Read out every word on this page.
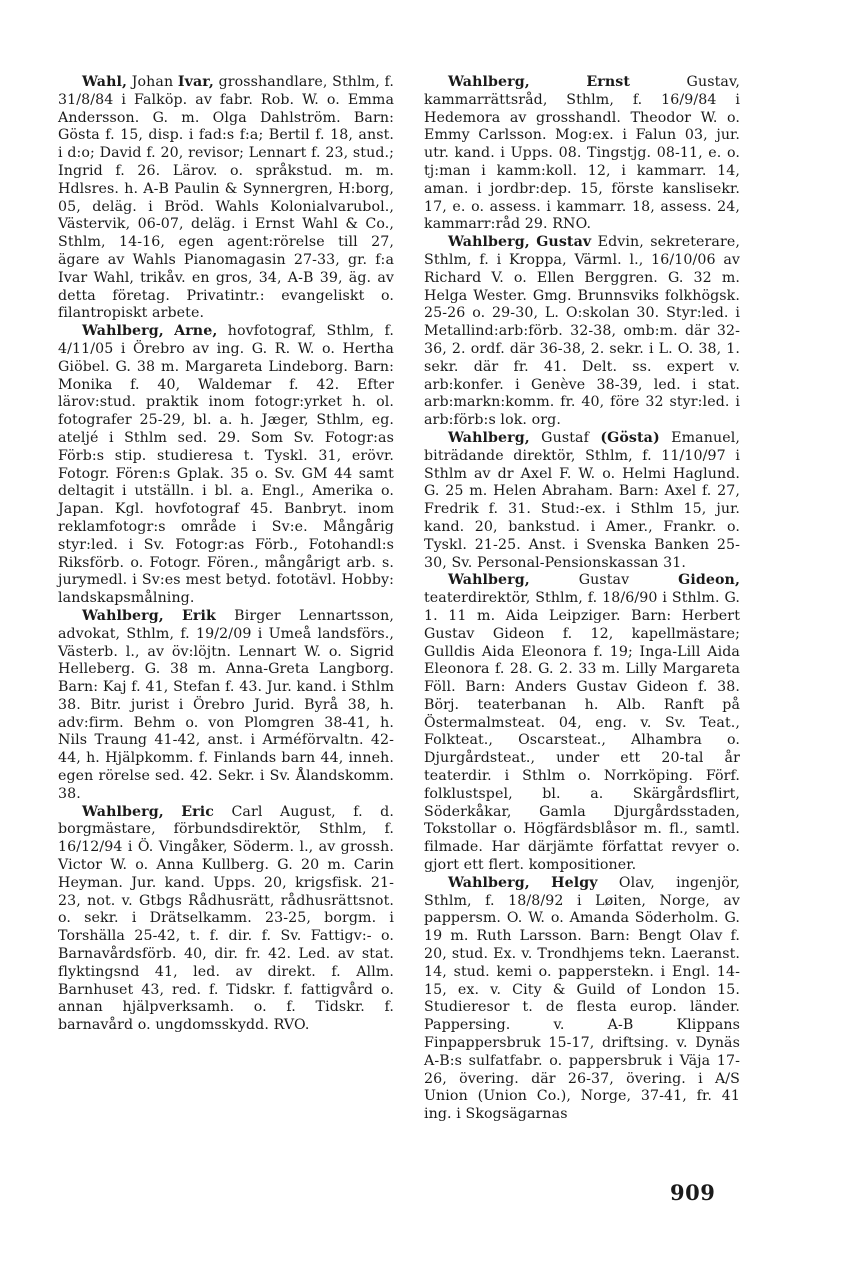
Wahl, Johan Ivar, grosshandlare, Sthlm, f. 31/8/84 i Falköp. av fabr. Rob. W. o. Emma Andersson. G. m. Olga Dahlström. Barn: Gösta f. 15, disp. i fad:s f:a; Bertil f. 18, anst. i d:o; David f. 20, revisor; Lennart f. 23, stud.; Ingrid f. 26. Lärov. o. språkstud. m. m. Hdlsres. h. A-B Paulin & Synnergren, H:borg, 05, deläg. i Bröd. Wahls Kolonialvarubol., Västervik, 06-07, deläg. i Ernst Wahl & Co., Sthlm, 14-16, egen agent:rörelse till 27, ägare av Wahls Pianomagasin 27-33, gr. f:a Ivar Wahl, trikåv. en gros, 34, A-B 39, äg. av detta företag. Privatintr.: evangeliskt o. filantropiskt arbete.

Wahlberg, Arne, hovfotograf, Sthlm, f. 4/11/05 i Örebro av ing. G. R. W. o. Hertha Giöbel. G. 38 m. Margareta Lindeborg. Barn: Monika f. 40, Waldemar f. 42. Efter lärov:stud. praktik inom fotogr:yrket h. ol. fotografer 25-29, bl. a. h. Jæger, Sthlm, eg. ateljé i Sthlm sed. 29. Som Sv. Fotogr:as Förb:s stip. studieresa t. Tyskl. 31, erövr. Fotogr. Fören:s Gplak. 35 o. Sv. GM 44 samt deltagit i utställn. i bl. a. Engl., Amerika o. Japan. Kgl. hovfotograf 45. Banbryt. inom reklamfotogr:s område i Sv:e. Mångårig styr:led. i Sv. Fotogr:as Förb., Fotohandl:s Riksförb. o. Fotogr. Fören., mångårigt arb. s. jurymedl. i Sv:es mest betyd. fototävl. Hobby: landskapsmålning.

Wahlberg, Erik Birger Lennartsson, advokat, Sthlm, f. 19/2/09 i Umeå landsförs., Västerb. l., av öv:löjtn. Lennart W. o. Sigrid Helleberg. G. 38 m. Anna-Greta Langborg. Barn: Kaj f. 41, Stefan f. 43. Jur. kand. i Sthlm 38. Bitr. jurist i Örebro Jurid. Byrå 38, h. adv:firm. Behm o. von Plomgren 38-41, h. Nils Traung 41-42, anst. i Arméförvaltn. 42-44, h. Hjälpkomm. f. Finlands barn 44, inneh. egen rörelse sed. 42. Sekr. i Sv. Ålandskomm. 38.

Wahlberg, Eric Carl August, f. d. borgmästare, förbundsdirektör, Sthlm, f. 16/12/94 i Ö. Vingåker, Söderm. l., av grossh. Victor W. o. Anna Kullberg. G. 20 m. Carin Heyman. Jur. kand. Upps. 20, krigsfisk. 21-23, not. v. Gtbgs Rådhusrätt, rådhusrättsnot. o. sekr. i Drätselkamm. 23-25, borgm. i Torshälla 25-42, t. f. dir. f. Sv. Fattigv:- o. Barnavårdsförb. 40, dir. fr. 42. Led. av stat. flyktingsnd 41, led. av direkt. f. Allm. Barnhuset 43, red. f. Tidskr. f. fattigvård o. annan hjälpverksamh. o. f. Tidskr. f. barnavård o. ungdomsskydd. RVO.

Wahlberg,	Ernst	Gustav, kammarrättsråd, Sthlm, f. 16/9/84 i Hedemora av grosshandl. Theodor W. o. Emmy Carlsson. Mog:ex. i Falun 03, jur. utr. kand. i Upps. 08. Tingstjg. 08-11, e. o. tj:man i kamm:koll. 12, i kammarr. 14, aman. i jordbr:dep. 15, förste kanslisekr. 17, e. o. assess. i kammarr. 18, assess. 24, kammarr:råd 29. RNO.

Wahlberg, Gustav Edvin, sekreterare, Sthlm, f. i Kroppa, Värml. l., 16/10/06 av Richard V. o. Ellen Berggren. G. 32 m. Helga Wester. Gmg. Brunnsviks folkhögsk. 25-26 o. 29-30, L. O:skolan 30. Styr:led. i Metallind:arb:förb. 32-38, omb:m. där 32-36, 2. ordf. där 36-38, 2. sekr. i L. O. 38, 1. sekr. där fr. 41. Delt. ss. expert v. arb:konfer. i Genève 38-39, led. i stat. arb:markn:komm. fr. 40, före 32 styr:led. i arb:förb:s lok. org.

Wahlberg, Gustaf (Gösta) Emanuel, biträdande direktör, Sthlm, f. 11/10/97 i Sthlm av dr Axel F. W. o. Helmi Haglund. G. 25 m. Helen Abraham. Barn: Axel f. 27, Fredrik f. 31. Stud:-ex. i Sthlm 15, jur. kand. 20, bankstud. i Amer., Frankr. o. Tyskl. 21-25. Anst. i Svenska Banken 25-30, Sv. Personal-Pensionskassan 31.

Wahlberg,	Gustav	Gideon, teaterdirektör, Sthlm, f. 18/6/90 i Sthlm. G. 1. 11 m. Aida Leipziger. Barn: Herbert Gustav Gideon f. 12, kapellmästare; Gulldis Aida Eleonora f. 19; Inga-Lill Aida Eleonora f. 28. G. 2. 33 m. Lilly Margareta Föll. Barn: Anders Gustav Gideon f. 38. Börj. teaterbanan h. Alb. Ranft på Östermalmsteat. 04, eng. v. Sv. Teat., Folkteat., Oscarsteat., Alhambra o. Djurgårdsteat., under ett 20-tal år teaterdir. i Sthlm o. Norrköping. Förf. folklustspel, bl. a. Skärgårdsflirt, Söderkåkar, Gamla Djurgårdsstaden, Tokstollar o. Högfärdsblåsor m. fl., samtl. filmade. Har därjämte författat revyer o. gjort ett flert. kompositioner.

Wahlberg, Helgy Olav, ingenjör, Sthlm, f. 18/8/92 i Løiten, Norge, av pappersm. O. W. o. Amanda Söderholm. G. 19 m. Ruth Larsson. Barn: Bengt Olav f. 20, stud. Ex. v. Trondhjems tekn. Laeranst. 14, stud. kemi o. papperstekn. i Engl. 14-15, ex. v. City & Guild of London 15. Studieresor t. de flesta europ. länder. Pappersing. v. A-B Klippans Finpappersbruk 15-17, driftsing. v. Dynäs A-B:s sulfatfabr. o. pappersbruk i Väja 17-26, övering. där 26-37, övering. i A/S Union (Union Co.), Norge, 37-41, fr. 41 ing. i Skogsägarnas

909
